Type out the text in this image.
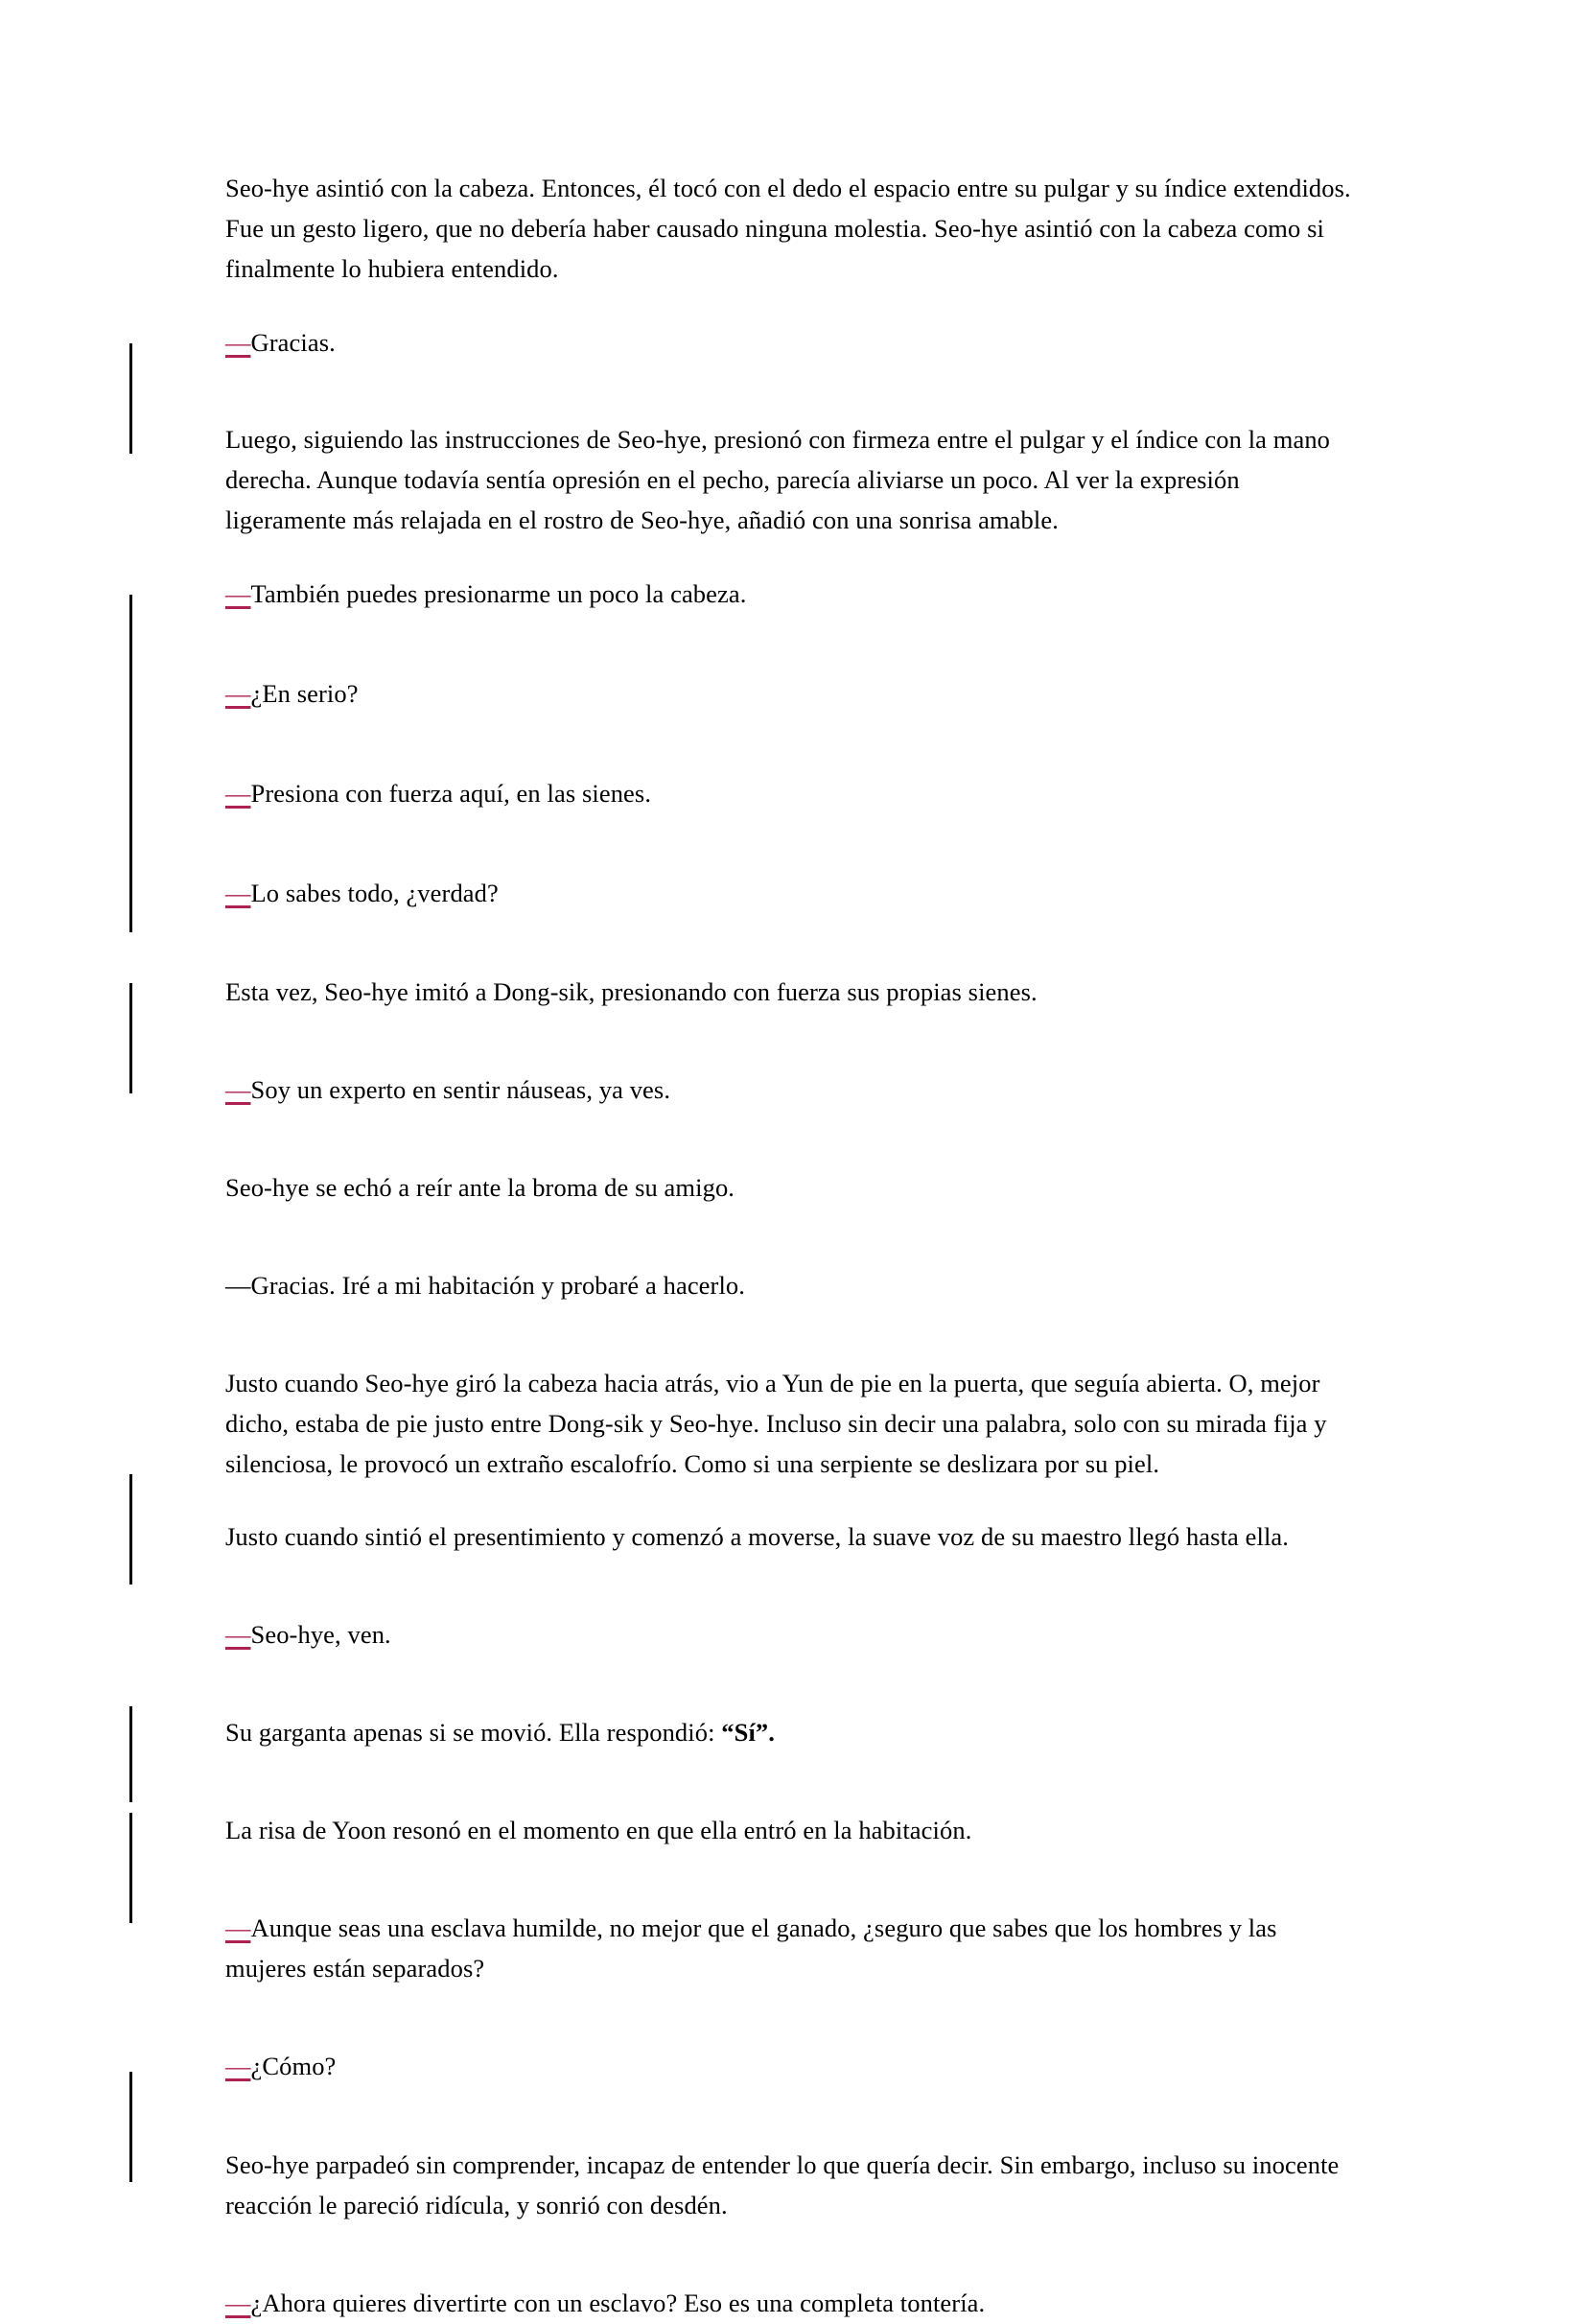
Seo-hye asintió con la cabeza. Entonces, él tocó con el dedo el espacio entre su pulgar y su índice extendidos. Fue un gesto ligero, que no debería haber causado ninguna molestia. Seo-hye asintió con la cabeza como si finalmente lo hubiera entendido.

—Gracias.

Luego, siguiendo las instrucciones de Seo-hye, presionó con firmeza entre el pulgar y el índice con la mano derecha. Aunque todavía sentía opresión en el pecho, parecía aliviarse un poco. Al ver la expresión ligeramente más relajada en el rostro de Seo-hye, añadió con una sonrisa amable.

—También puedes presionarme un poco la cabeza.

—¿En serio?

—Presiona con fuerza aquí, en las sienes.

—Lo sabes todo, ¿verdad?

Esta vez, Seo-hye imitó a Dong-sik, presionando con fuerza sus propias sienes.

—Soy un experto en sentir náuseas, ya ves.

Seo-hye se echó a reír ante la broma de su amigo.

—Gracias. Iré a mi habitación y probaré a hacerlo.

Justo cuando Seo-hye giró la cabeza hacia atrás, vio a Yun de pie en la puerta, que seguía abierta. O, mejor dicho, estaba de pie justo entre Dong-sik y Seo-hye. Incluso sin decir una palabra, solo con su mirada fija y silenciosa, le provocó un extraño escalofrío. Como si una serpiente se deslizara por su piel.

Justo cuando sintió el presentimiento y comenzó a moverse, la suave voz de su maestro llegó hasta ella.

—Seo-hye, ven.

Su garganta apenas si se movió. Ella respondió: “Sí”.

La risa de Yoon resonó en el momento en que ella entró en la habitación.

—Aunque seas una esclava humilde, no mejor que el ganado, ¿seguro que sabes que los hombres y las mujeres están separados?

—¿Cómo?

Seo-hye parpadeó sin comprender, incapaz de entender lo que quería decir. Sin embargo, incluso su inocente reacción le pareció ridícula, y sonrió con desdén.

—¿Ahora quieres divertirte con un esclavo? Eso es una completa tontería.
